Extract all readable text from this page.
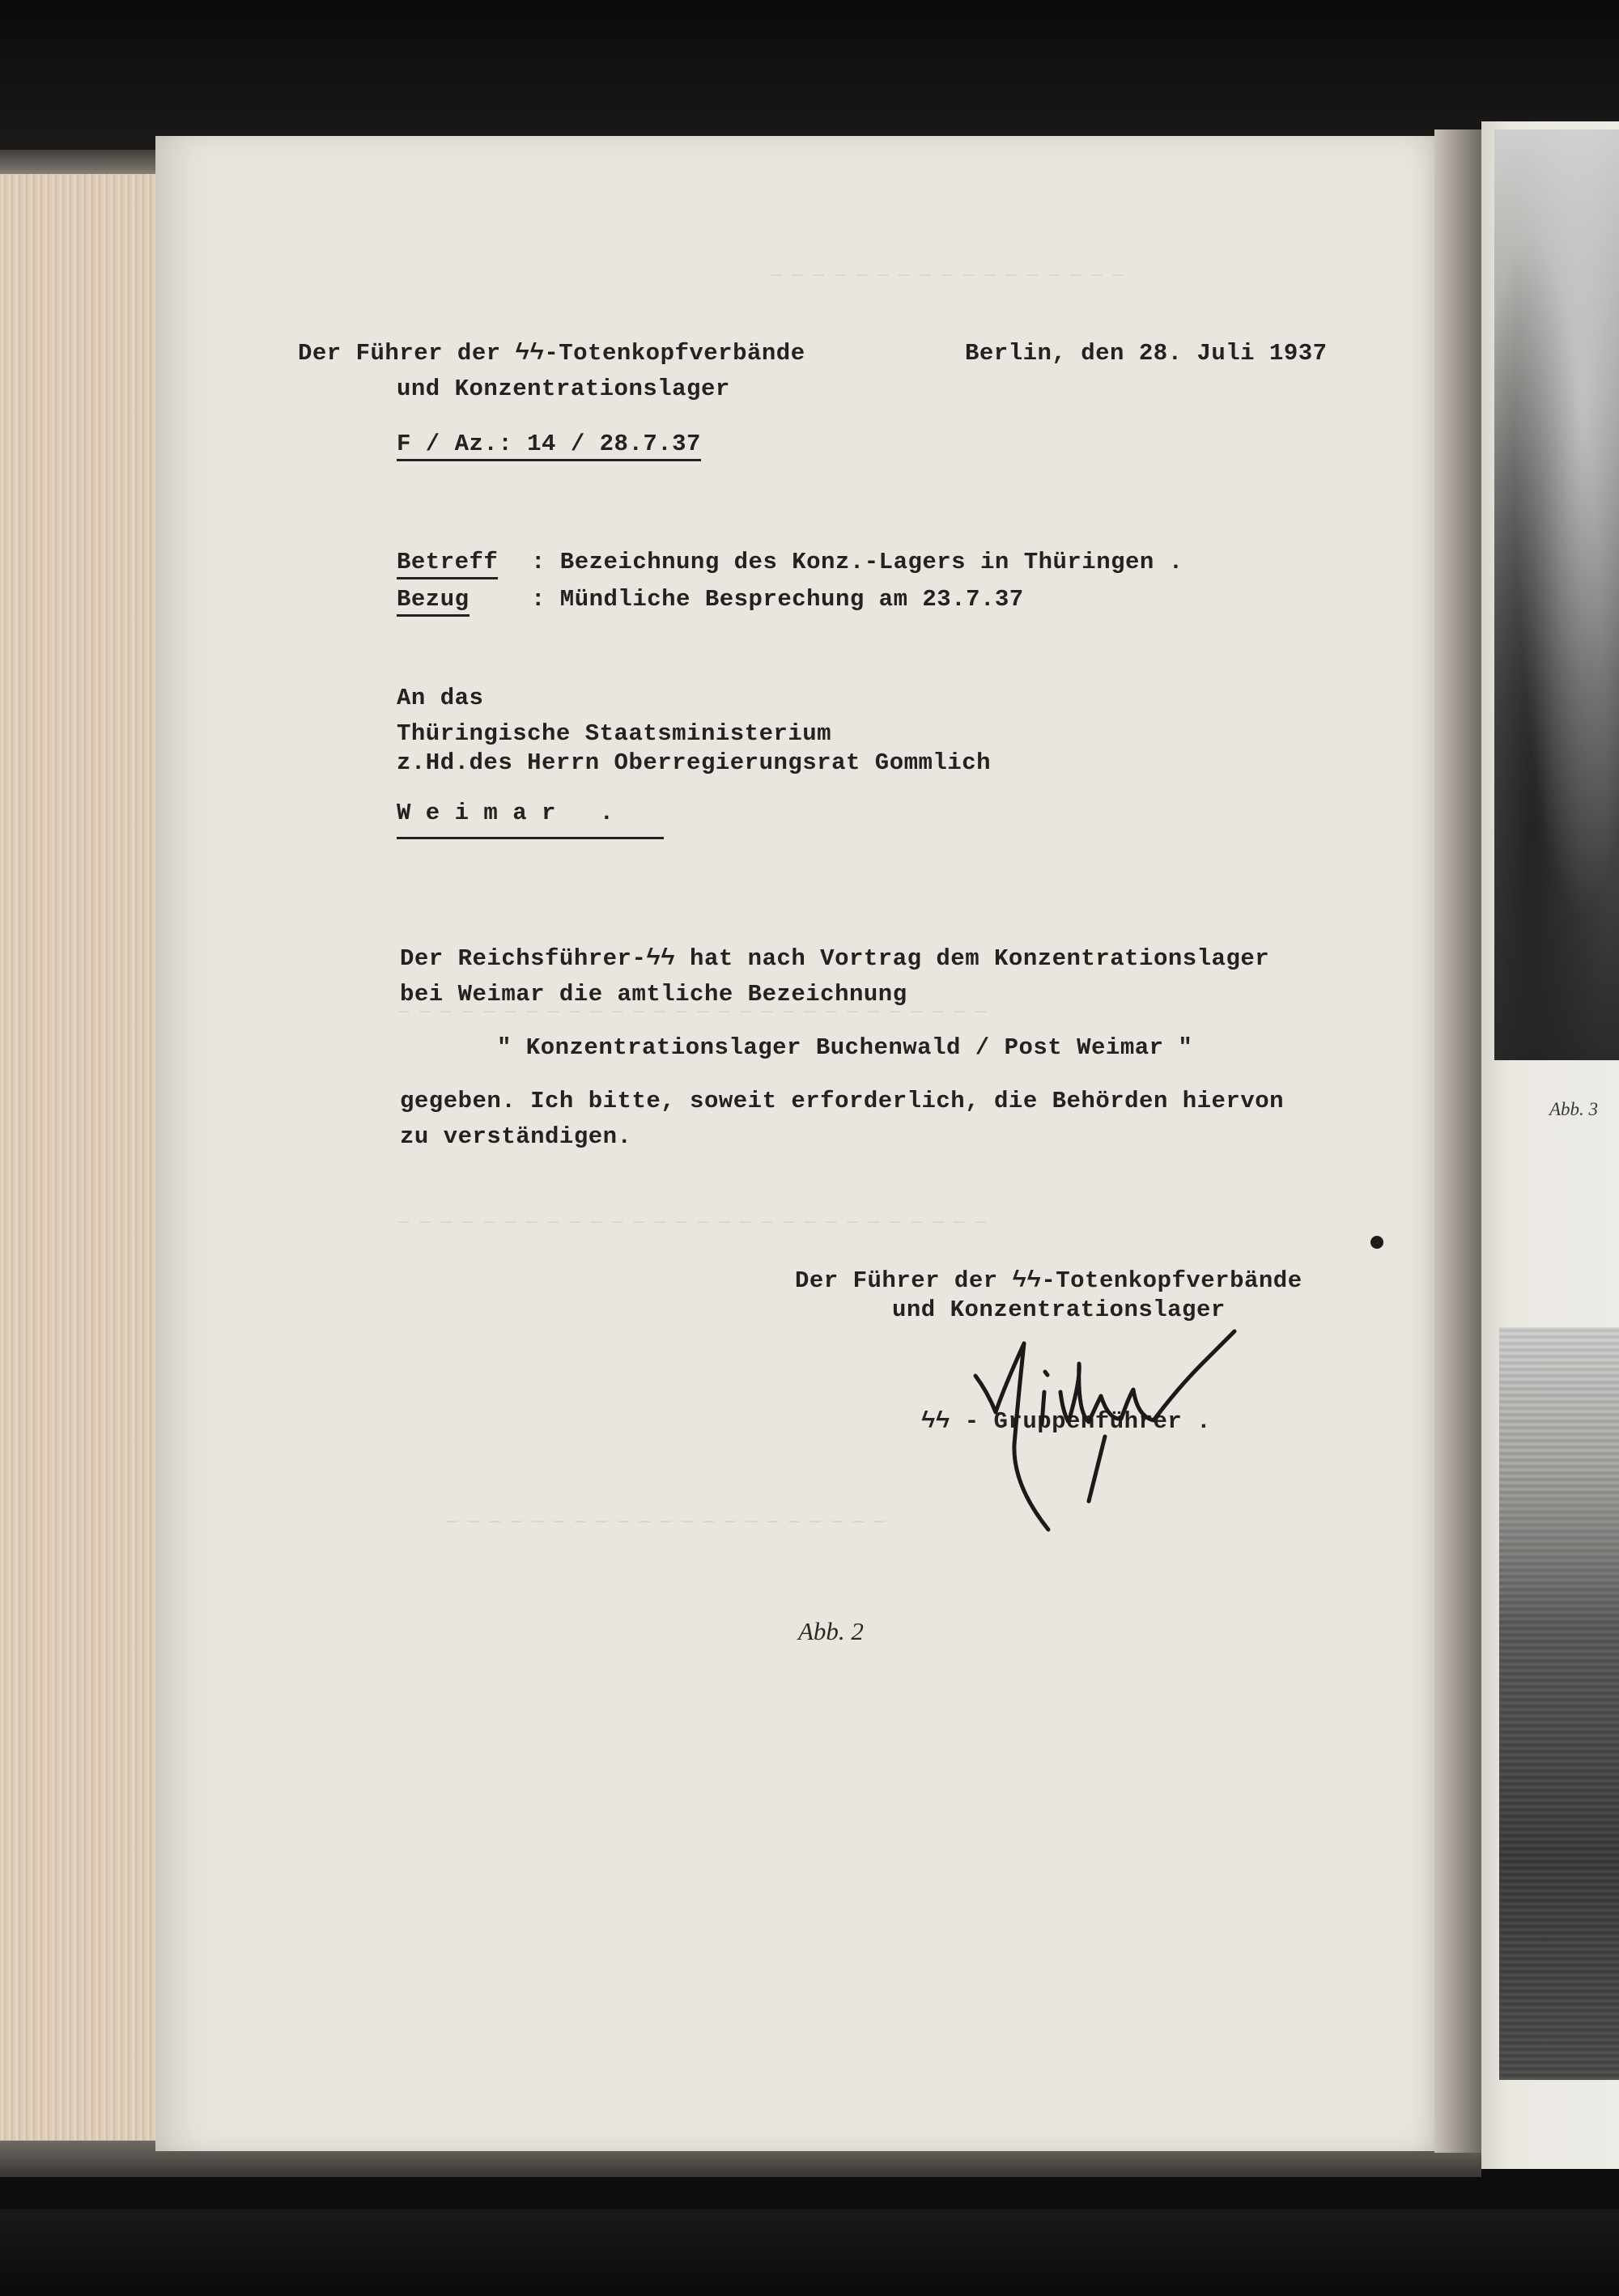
Abb. 3
— — — — — — — — — — — — — — — — —
— — — — — — — — — — — — — — — — — — — — — — — — — — — —
— — — — — — — — — — — — — — — — — — — — — — — — — — — —
— — — — — — — — — — — — — — — — — — — — —
Der Führer der ϟϟ-Totenkopfverbände
und Konzentrationslager
Berlin, den 28. Juli 1937
F / Az.: 14 / 28.7.37
Betreff : Bezeichnung des Konz.-Lagers in Thüringen .
Bezug	: Mündliche Besprechung am 23.7.37
An das
Thüringische Staatsministerium
z.Hd.des Herrn Oberregierungsrat Gommlich
W e i m a r   .
Der Reichsführer-ϟϟ hat nach Vortrag dem Konzentrationslager
bei Weimar die amtliche Bezeichnung
" Konzentrationslager Buchenwald / Post Weimar "
gegeben. Ich bitte, soweit erforderlich, die Behörden hiervon
zu verständigen.
Der Führer der ϟϟ-Totenkopfverbände
und Konzentrationslager
ϟϟ - Gruppenführer .
Abb. 2
